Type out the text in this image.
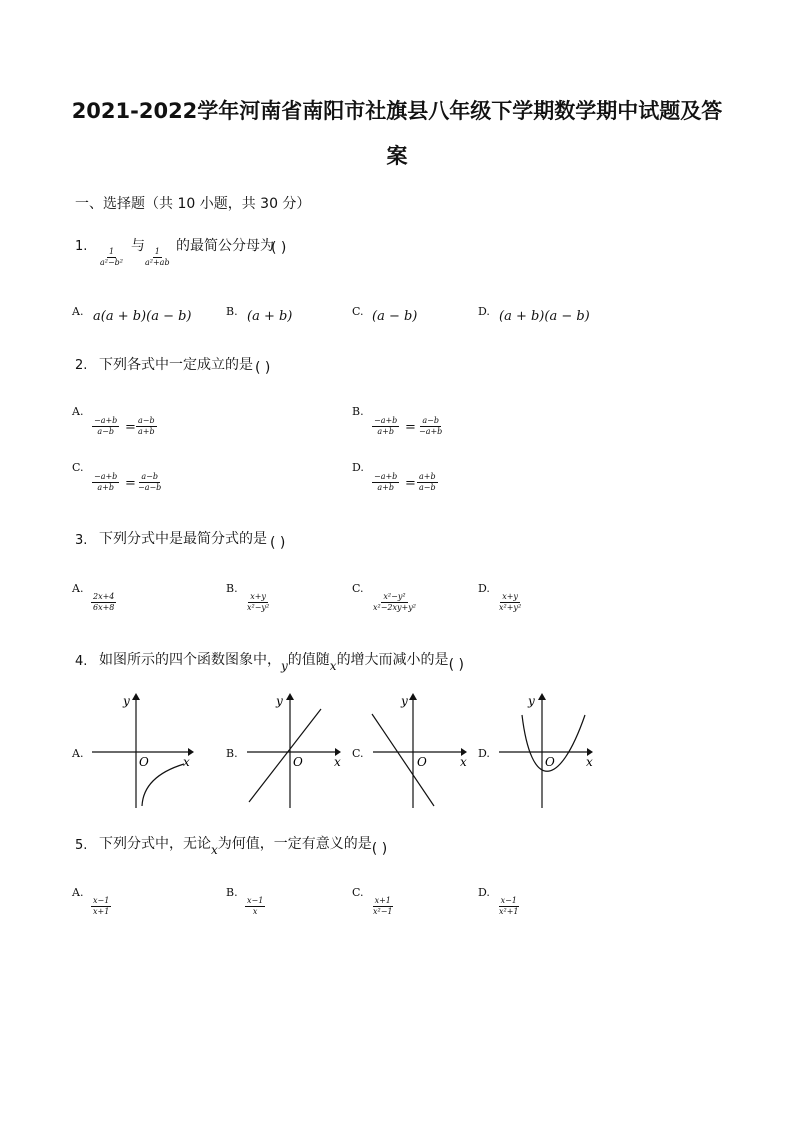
2021-2022学年河南省南阳市社旗县八年级下学期数学期中试题及答
案
一、选择题（共 10 小题，共 30 分）
1.
$\frac{1}{\text{a²−b²}}$
与
$\frac{1}{\text{a²+ab}}$
的最简公分母为
( )
A. a(a + b)(a − b)	B. (a + b)	C. (a − b)	D. (a + b)(a − b)
2. 下列各式中一定成立的是 ( )
A.
$\frac{-a+b}{a-b} = \frac{a-b}{a+b}$
B.
$\frac{-a+b}{a+b} = \frac{a-b}{-a+b}$
C.
$\frac{-a+b}{a+b} = \frac{a-b}{-a-b}$
D.
$\frac{-a+b}{a+b} = \frac{a+b}{a-b}$
3. 下列分式中是最简分式的是 ( )
A.
$\frac{2x+4}{6x+8}$
B.
$\frac{x+y}{\text{x²−y²}}$
C.
$\frac{\text{x²−y²}}{\text{x²−2xy+y²}}$
D.
$\frac{x+y}{\text{x²+y²}}$
4. 如图所示的四个函数图象中，y的值随x的增大而减小的是( )
A.	B.	C.	D.
y
O	x
y
O	x
y
O	x
y
O	x
5. 下列分式中，无论x为何值，一定有意义的是( )
A.
$\frac{x-1}{x+1}$
B.
$\frac{x-1}{x}$
C.
$\frac{x+1}{\text{x²−1}}$
D.
$\frac{x-1}{\text{x²+1}}$
